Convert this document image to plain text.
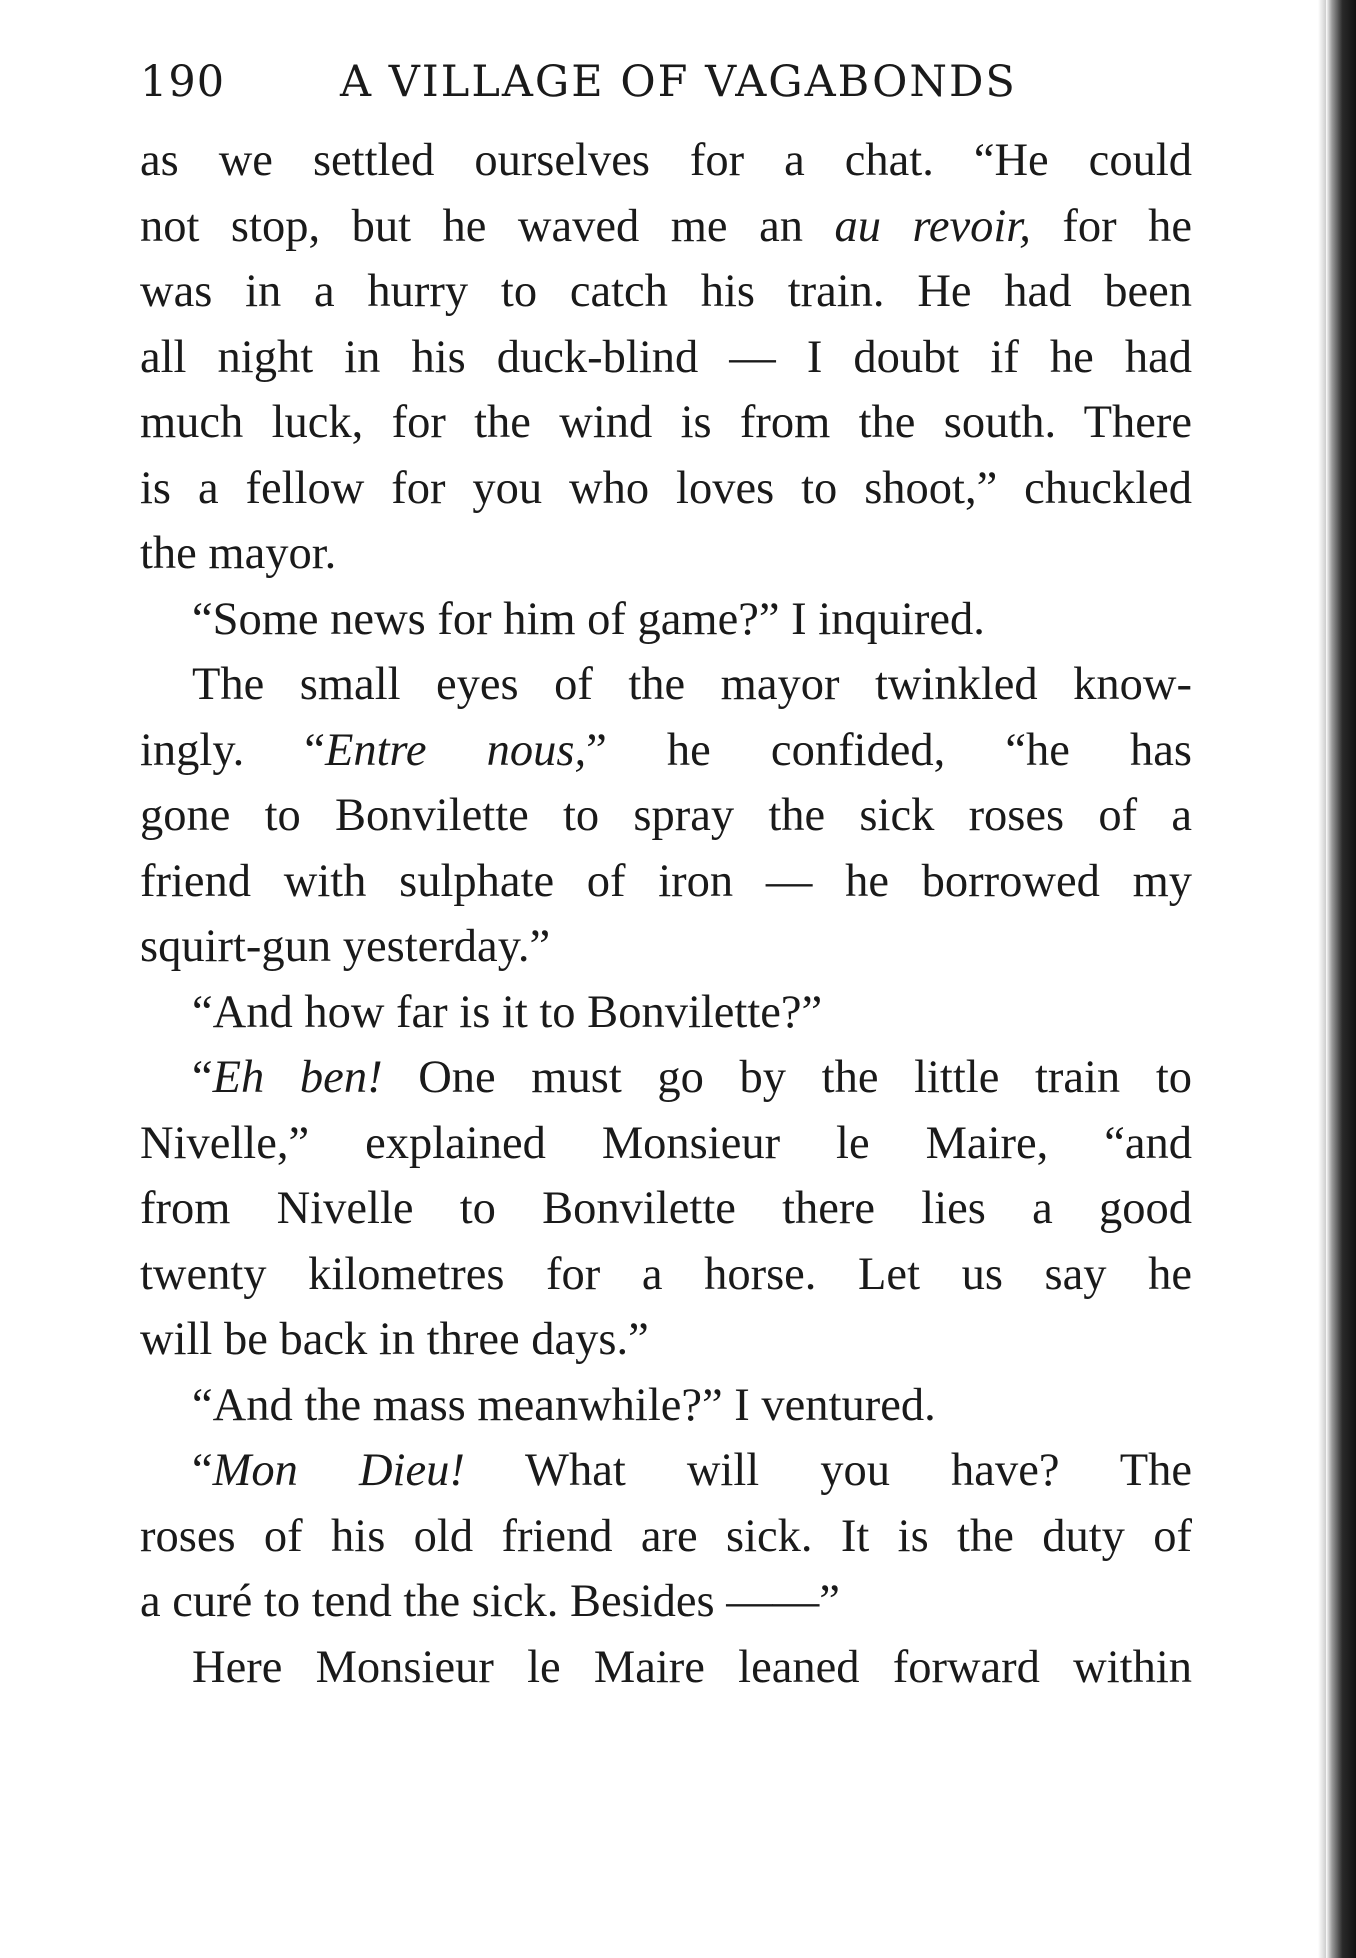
190	A VILLAGE OF VAGABONDS
as we settled ourselves for a chat. “He could
not stop, but he waved me an au revoir, for he
was in a hurry to catch his train. He had been
all night in his duck-blind — I doubt if he had
much luck, for the wind is from the south. There
is a fellow for you who loves to shoot,” chuckled
the mayor.
“Some news for him of game?” I inquired.
The small eyes of the mayor twinkled know-
ingly. “Entre nous,” he confided, “he has
gone to Bonvilette to spray the sick roses of a
friend with sulphate of iron — he borrowed my
squirt-gun yesterday.”
“And how far is it to Bonvilette?”
“Eh ben! One must go by the little train to
Nivelle,” explained Monsieur le Maire, “and
from Nivelle to Bonvilette there lies a good
twenty kilometres for a horse. Let us say he
will be back in three days.”
“And the mass meanwhile?” I ventured.
“Mon Dieu! What will you have? The
roses of his old friend are sick. It is the duty of
a curé to tend the sick. Besides ——”
Here Monsieur le Maire leaned forward within
